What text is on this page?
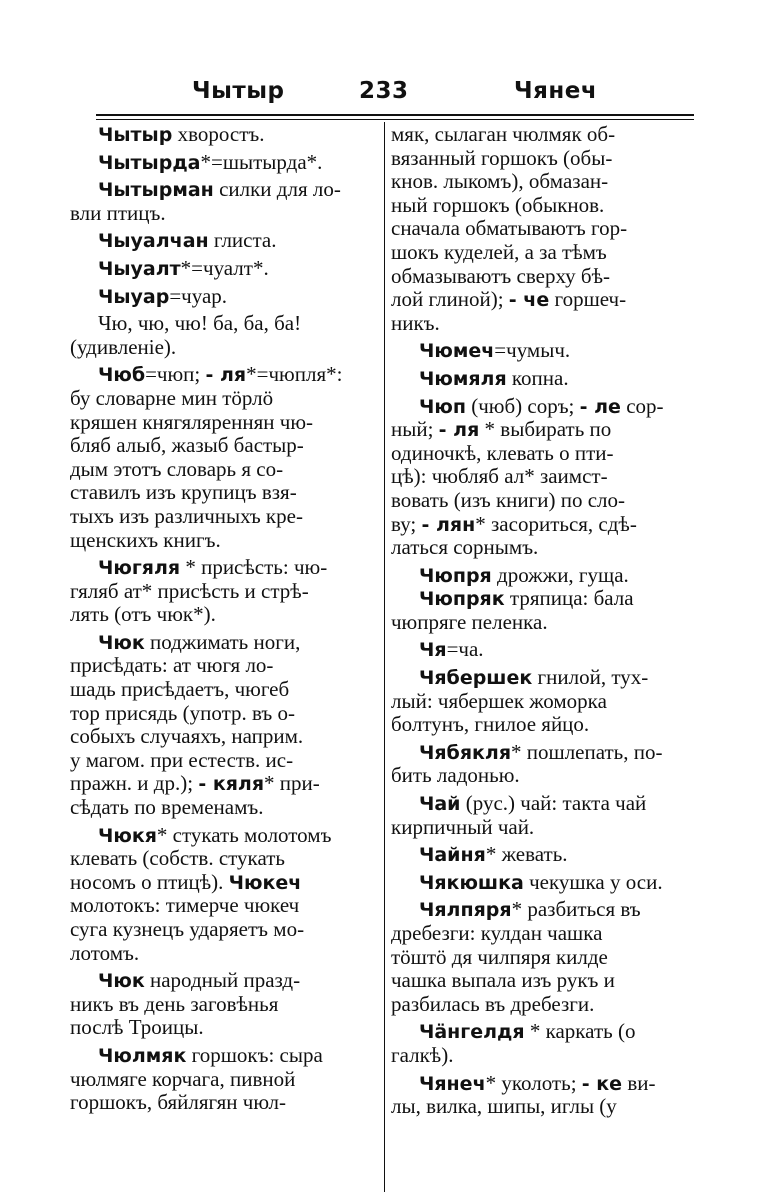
Чытыр	233	Чянеч
Чытыр хворостъ.
Чытырда*=шытырда*.
Чытырман силки для ло-
вли птицъ.
Чыуалчан глиста.
Чыуалт*=чуалт*.
Чыуар=чуар.
Чю, чю, чю! ба, ба, ба!
(удивленіе).
Чюб=чюп; - ля*=чюпля*:
бу словарне мин тöрлö
кряшен княгяляреннян чю-
бляб алыб, жазыб бастыр-
дым этотъ словарь я со-
ставилъ изъ крупицъ взя-
тыхъ изъ различныхъ кре-
щенскихъ книгъ.
Чюгяля * присѣсть: чю-
гяляб ат* присѣсть и стрѣ-
лять (отъ чюк*).
Чюк поджимать ноги,
присѣдать: ат чюгя ло-
шадь присѣдаетъ, чюгеб
тор присядь (употр. въ о-
собыхъ случаяхъ, наприм.
у магом. при естеств. ис-
пражн. и др.); - кяля* при-
сѣдать по временамъ.
Чюкя* стукать молотомъ
клевать (собств. стукать
носомъ о птицѣ). Чюкеч
молотокъ: тимерче чюкеч
суга кузнецъ ударяетъ мо-
лотомъ.
Чюк народный празд-
никъ въ день заговѣнья
послѣ Троицы.
Чюлмяк горшокъ: сыра
чюлмяге корчага, пивной
горшокъ, бяйлягян чюл-
мяк, сылаган чюлмяк об-
вязанный горшокъ (обы-
кнов. лыкомъ), обмазан-
ный горшокъ (обыкнов.
сначала обматываютъ гор-
шокъ куделей, а за тѣмъ
обмазываютъ сверху бѣ-
лой глиной); - че горшеч-
никъ.
Чюмеч=чумыч.
Чюмяля копна.
Чюп (чюб) соръ; - ле сор-
ный; - ля * выбирать по
одиночкѣ, клевать о пти-
цѣ): чюбляб ал* заимст-
вовать (изъ книги) по сло-
ву; - лян* засориться, сдѣ-
латься сорнымъ.
Чюпря дрожжи, гуща.
Чюпряк тряпица: бала
чюпряге пеленка.
Чя=ча.
Чябершек гнилой, тух-
лый: чябершек жоморка
болтунъ, гнилое яйцо.
Чябякля* пошлепать, по-
бить ладонью.
Чай (рус.) чай: такта чай
кирпичный чай.
Чайня* жевать.
Чякюшка чекушка у оси.
Чялпяря* разбиться въ
дребезги: кулдан чашка
тöштö дя чилпяря килде
чашка выпала изъ рукъ и
разбилась въ дребезги.
Чäнгелдя * каркать (о
галкѣ).
Чянеч* уколоть; - ке ви-
лы, вилка, шипы, иглы (у
